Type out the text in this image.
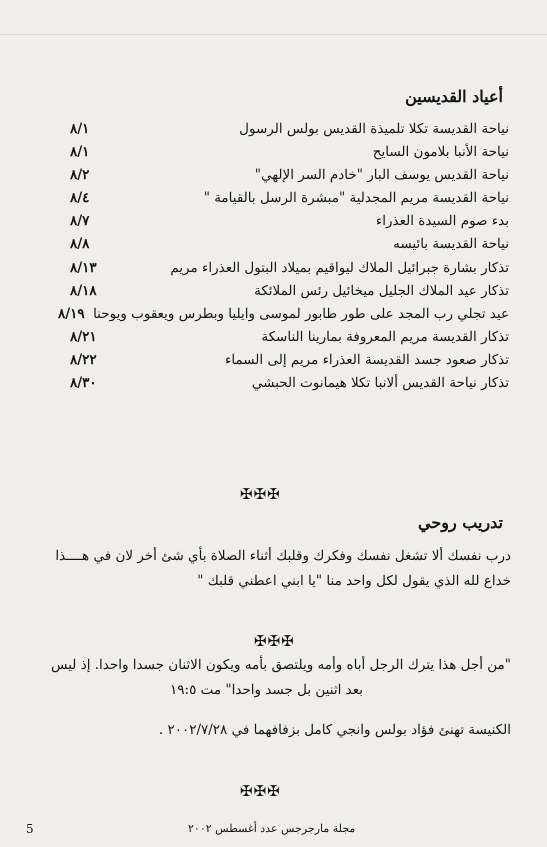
أعياد القديسين
نياحة القديسة تكلا تلميذة القديس بولس الرسول
٨/١
نياحة الأنبا بلامون السايح
٨/١
نياحة القديس يوسف البار "خادم السر الإلهي"
٨/٢
نياحة القديسة مريم المجدلية "مبشرة الرسل بالقيامة "
٨/٤
بدء صوم السيدة العذراء
٨/٧
نياحة القديسة بائيسه
٨/٨
تذكار بشارة جبرائيل الملاك ليواقيم بميلاد البتول العذراء مريم
٨/١٣
تذكار عيد الملاك الجليل ميخائيل رئس الملائكة
٨/١٨
عيد تجلي رب المجد على طور طابور لموسى وايليا وبطرس ويعقوب ويوحنا
٨/١٩
تذكار القديسة مريم المعروفة بمارينا الناسكة
٨/٢١
تذكار صعود جسد القديسة العذراء مريم إلى السماء
٨/٢٢
تذكار نياحة القديس ألانبا تكلا هيمانوت الحبشي
٨/٣٠
✠✠✠
تدريب روحي
درب نفسك ألا تشغل نفسك وفكرك وقلبك أثناء الصلاة بأي شئ أخر لان في هــــذا
خداع لله الذي يقول لكل واحد منا "يا ابني اعطني قلبك "
✠✠✠
"من أجل هذا يترك الرجل أباه وأمه ويلتصق بأمه ويكون الاثنان جسدا واحدا. إذ ليس
بعد اثنين بل جسد واحدا" مت ١٩:٥
الكنيسة تهنئ فؤاد بولس وانجي كامل بزفافهما في ٢٠٠٢/٧/٢٨ .
✠✠✠
5	مجلة مارجرجس عدد أغسطس ٢٠٠٢
